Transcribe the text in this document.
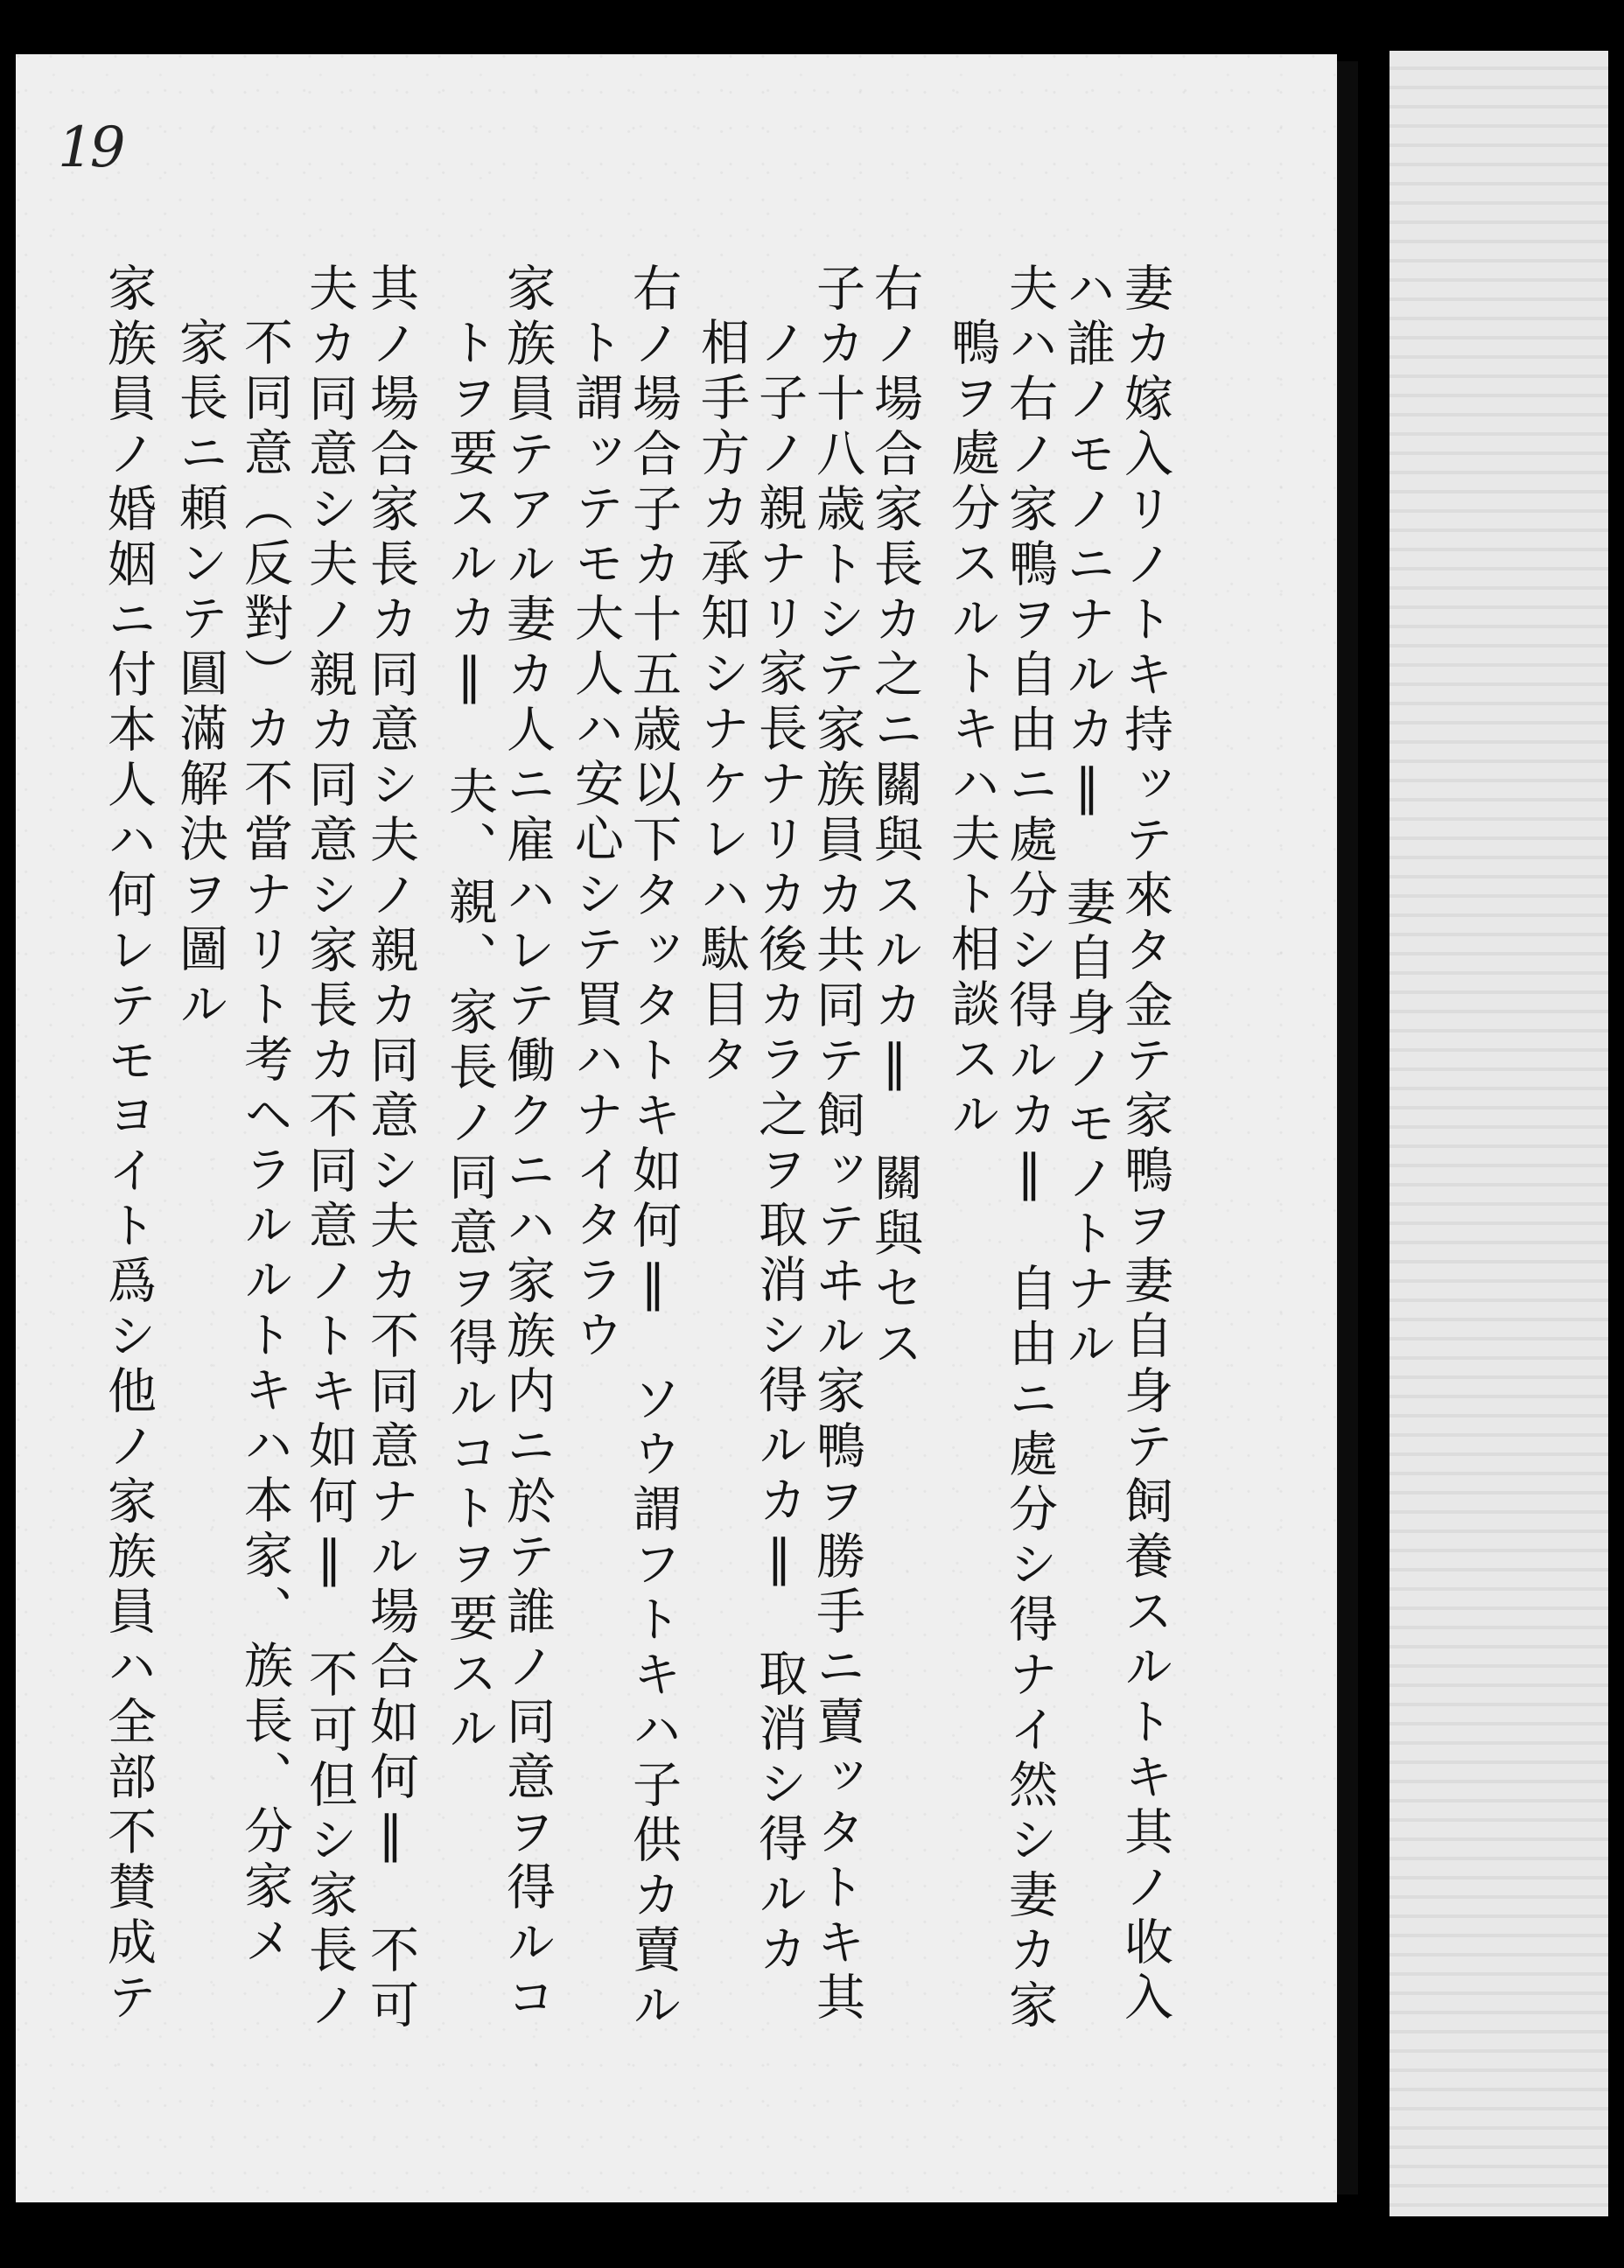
19
妻カ嫁入リノトキ持ッテ來タ金テ家鴨ヲ妻自身テ飼養スルトキ其ノ收入
ハ誰ノモノニナルカ‖　妻自身ノモノトナル
夫ハ右ノ家鴨ヲ自由ニ處分シ得ルカ‖　自由ニ處分シ得ナイ然シ妻カ家
鴨ヲ處分スルトキハ夫ト相談スル
右ノ場合家長カ之ニ關與スルカ‖　關與セス
子カ十八歳トシテ家族員カ共同テ飼ッテヰル家鴨ヲ勝手ニ賣ッタトキ其
ノ子ノ親ナリ家長ナリカ後カラ之ヲ取消シ得ルカ‖　取消シ得ルカ
相手方カ承知シナケレハ駄目タ
右ノ場合子カ十五歳以下タッタトキ如何‖　ソウ謂フトキハ子供カ賣ル
ト謂ッテモ大人ハ安心シテ買ハナイタラウ
家族員テアル妻カ人ニ雇ハレテ働クニハ家族内ニ於テ誰ノ同意ヲ得ルコ
トヲ要スルカ‖　夫、親、家長ノ同意ヲ得ルコトヲ要スル
其ノ場合家長カ同意シ夫ノ親カ同意シ夫カ不同意ナル場合如何‖　不可
夫カ同意シ夫ノ親カ同意シ家長カ不同意ノトキ如何‖　不可但シ家長ノ
不同意（反對）カ不當ナリト考ヘラルルトキハ本家、族長、分家メ
家長ニ頼ンテ圓滿解決ヲ圖ル
家族員ノ婚姻ニ付本人ハ何レテモヨイト爲シ他ノ家族員ハ全部不賛成テ
